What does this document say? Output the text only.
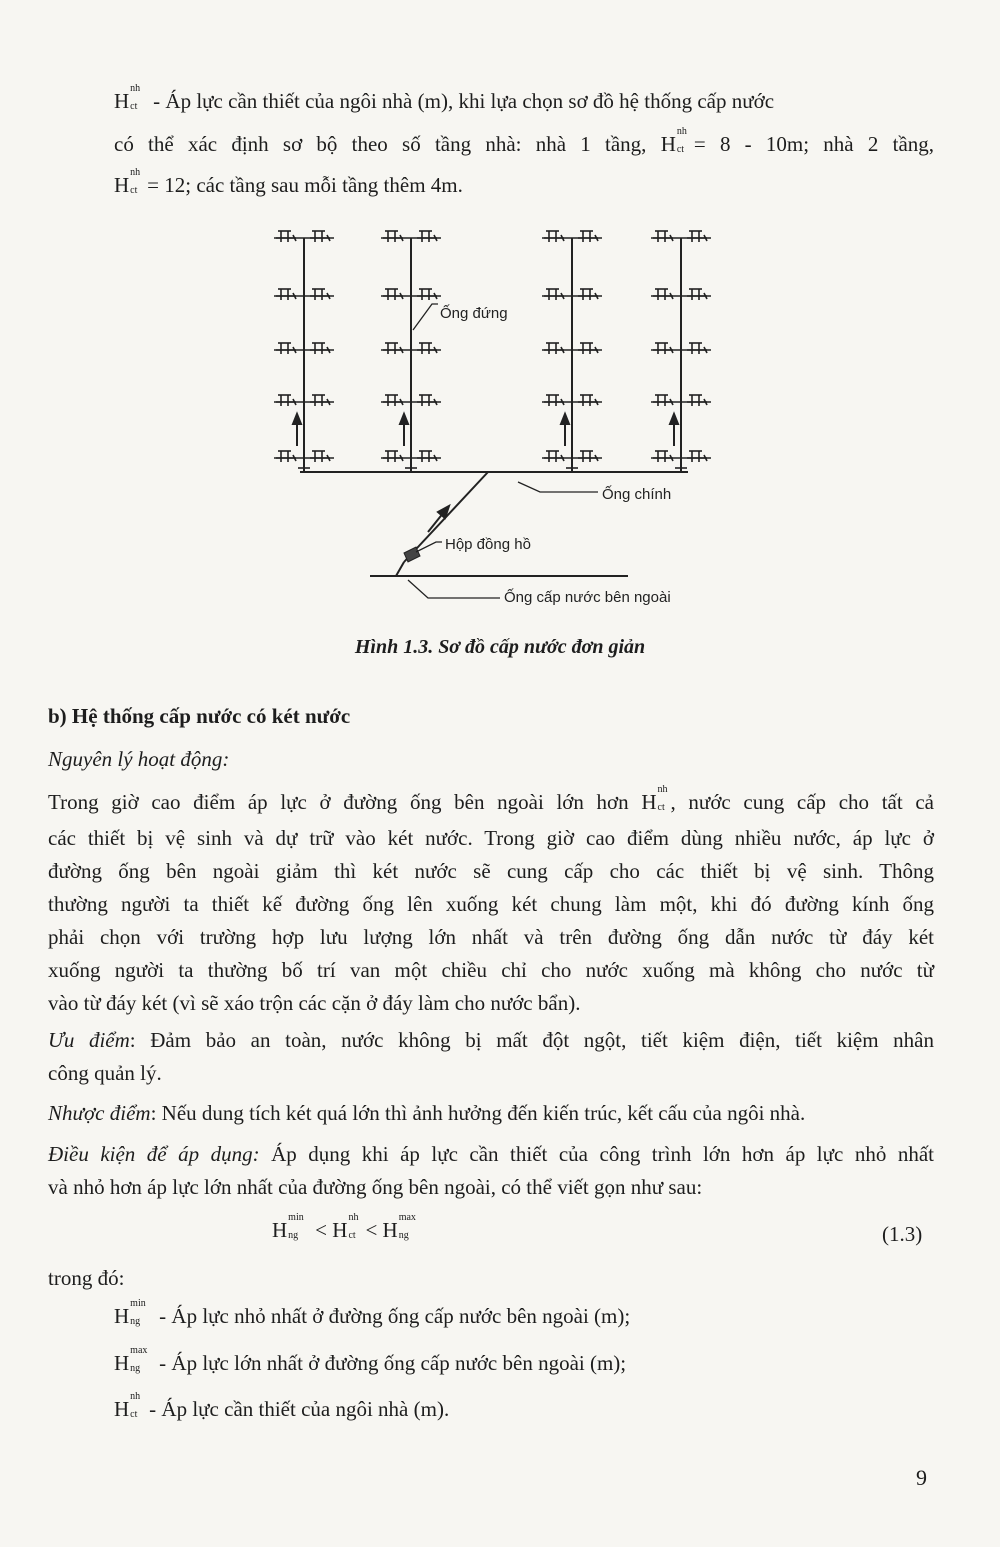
H
nh
ct - Áp lực cần thiết của ngôi nhà (m), khi lựa chọn sơ đồ hệ thống cấp nước

có thể xác định sơ bộ theo số tầng nhà: nhà 1 tầng, H
nh
ct = 8 - 10m; nhà 2 tầng,

H
nh
ct = 12; các tầng sau mỗi tầng thêm 4m.

Ống đứng
Ống chính
Hộp đồng hồ
Ống cấp nước bên ngoài

Hình 1.3. Sơ đồ cấp nước đơn giản

b) Hệ thống cấp nước có két nước

Nguyên lý hoạt động:

Trong giờ cao điểm áp lực ở đường ống bên ngoài lớn hơn H
nh
ct , nước cung cấp cho tất cả

các thiết bị vệ sinh và dự trữ vào két nước. Trong giờ cao điểm dùng nhiều nước, áp lực ở

đường ống bên ngoài giảm thì két nước sẽ cung cấp cho các thiết bị vệ sinh. Thông

thường người ta thiết kế đường ống lên xuống két chung làm một, khi đó đường kính ống

phải chọn với trường hợp lưu lượng lớn nhất và trên đường ống dẫn nước từ đáy két

xuống người ta thường bố trí van một chiều chỉ cho nước xuống mà không cho nước từ

vào từ đáy két (vì sẽ xáo trộn các cặn ở đáy làm cho nước bẩn).

Ưu điểm: Đảm bảo an toàn, nước không bị mất đột ngột, tiết kiệm điện, tiết kiệm nhân

công quản lý.

Nhược điểm: Nếu dung tích két quá lớn thì ảnh hưởng đến kiến trúc, kết cấu của ngôi nhà.

Điều kiện để áp dụng: Áp dụng khi áp lực cần thiết của công trình lớn hơn áp lực nhỏ nhất

và nhỏ hơn áp lực lớn nhất của đường ống bên ngoài, có thể viết gọn như sau:

H
min
ng < H
nh
ct < H
max
ng	(1.3)

trong đó:

H
min
ng - Áp lực nhỏ nhất ở đường ống cấp nước bên ngoài (m);

H
max
ng - Áp lực lớn nhất ở đường ống cấp nước bên ngoài (m);

H
nh
ct - Áp lực cần thiết của ngôi nhà (m).

9
